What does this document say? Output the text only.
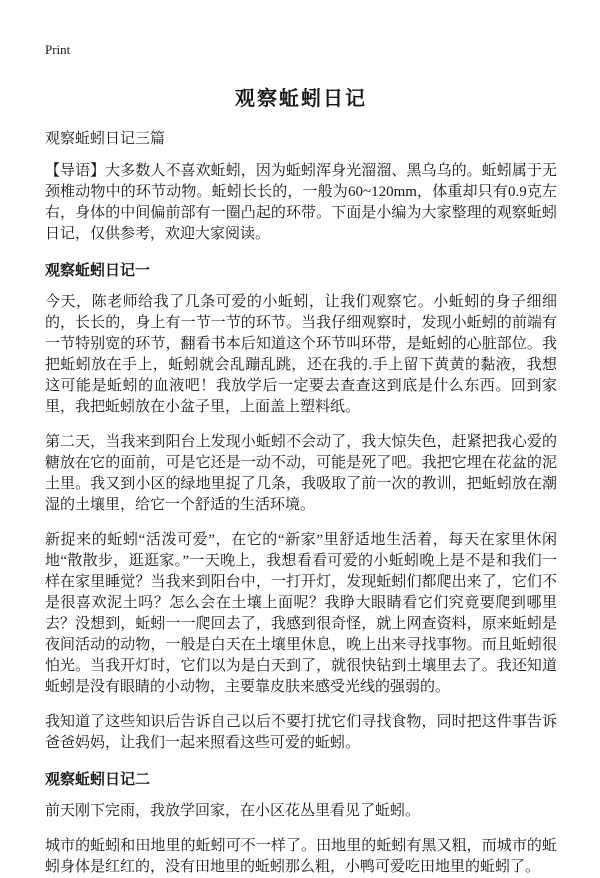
Print
观察蚯蚓日记

观察蚯蚓日记三篇

【导语】大多数人不喜欢蚯蚓，因为蚯蚓浑身光溜溜、黑乌乌的。蚯蚓属于无颈椎动物中的环节动物。蚯蚓长长的，一般为60~120mm，体重却只有0.9克左右，身体的中间偏前部有一圈凸起的环带。下面是小编为大家整理的观察蚯蚓日记，仅供参考，欢迎大家阅读。

观察蚯蚓日记一

今天，陈老师给我了几条可爱的小蚯蚓，让我们观察它。小蚯蚓的身子细细的，长长的，身上有一节一节的环节。当我仔细观察时，发现小蚯蚓的前端有一节特别宽的环节，翻看书本后知道这个环节叫环带，是蚯蚓的心脏部位。我把蚯蚓放在手上，蚯蚓就会乱蹦乱跳，还在我的.手上留下黄黄的黏液，我想这可能是蚯蚓的血液吧！我放学后一定要去查查这到底是什么东西。回到家里，我把蚯蚓放在小盆子里，上面盖上塑料纸。

第二天，当我来到阳台上发现小蚯蚓不会动了，我大惊失色，赶紧把我心爱的糖放在它的面前，可是它还是一动不动，可能是死了吧。我把它埋在花盆的泥土里。我又到小区的绿地里捉了几条，我吸取了前一次的教训，把蚯蚓放在潮湿的土壤里，给它一个舒适的生活环境。

新捉来的蚯蚓“活泼可爱”，在它的“新家”里舒适地生活着，每天在家里休闲地“散散步，逛逛家。”一天晚上，我想看看可爱的小蚯蚓晚上是不是和我们一样在家里睡觉？当我来到阳台中，一打开灯，发现蚯蚓们都爬出来了，它们不是很喜欢泥土吗？怎么会在土壤上面呢？我睁大眼睛看它们究竟要爬到哪里去？没想到，蚯蚓一一爬回去了，我感到很奇怪，就上网查资料，原来蚯蚓是夜间活动的动物，一般是白天在土壤里休息，晚上出来寻找事物。而且蚯蚓很怕光。当我开灯时，它们以为是白天到了，就很快钻到土壤里去了。我还知道蚯蚓是没有眼睛的小动物，主要靠皮肤来感受光线的强弱的。

我知道了这些知识后告诉自己以后不要打扰它们寻找食物，同时把这件事告诉爸爸妈妈，让我们一起来照看这些可爱的蚯蚓。

观察蚯蚓日记二

前天刚下完雨，我放学回家，在小区花丛里看见了蚯蚓。

城市的蚯蚓和田地里的蚯蚓可不一样了。田地里的蚯蚓有黑又粗，而城市的蚯蚓身体是红红的，没有田地里的蚯蚓那么粗，小鸭可爱吃田地里的蚯蚓了。
